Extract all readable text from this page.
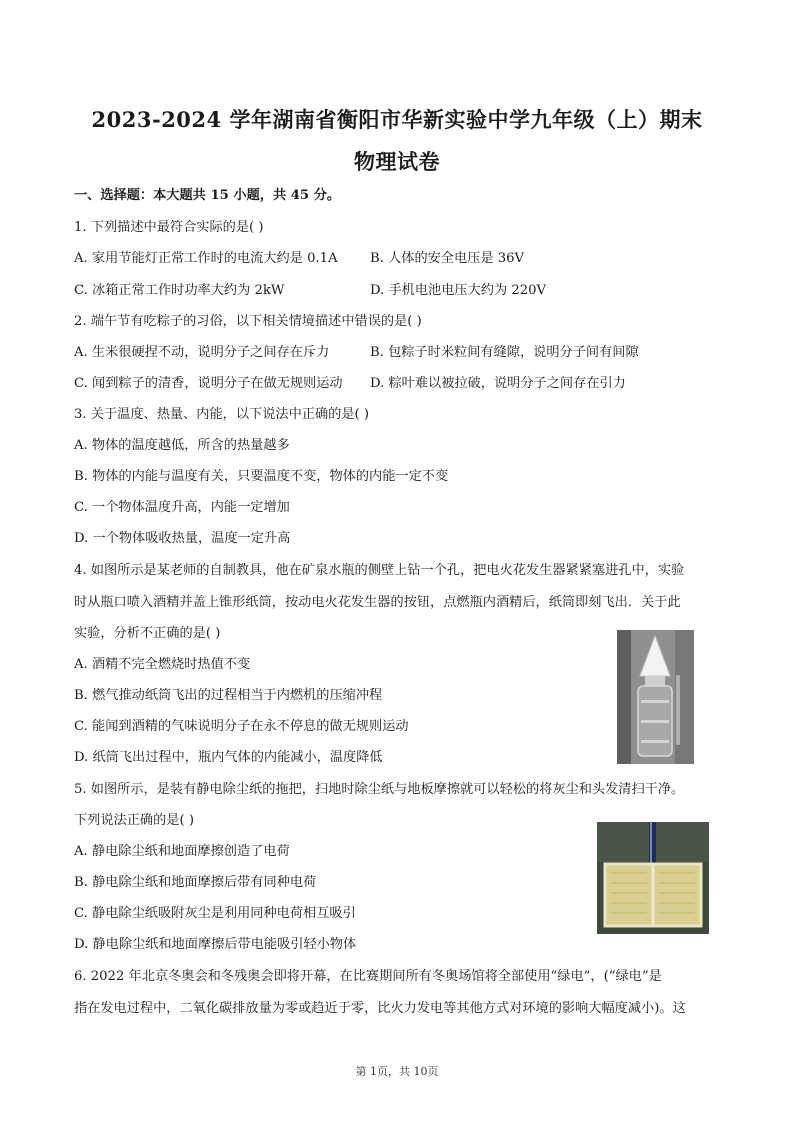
2023-2024 学年湖南省衡阳市华新实验中学九年级（上）期末
物理试卷
一、选择题：本大题共 15 小题，共 45 分。
1. 下列描述中最符合实际的是( )
A. 家用节能灯正常工作时的电流大约是 0.1A B. 人体的安全电压是 36V
C. 冰箱正常工作时功率大约为 2kW	D. 手机电池电压大约为 220V
2. 端午节有吃粽子的习俗，以下相关情境描述中错误的是( )
A. 生米很硬捏不动，说明分子之间存在斥力	B. 包粽子时米粒间有缝隙，说明分子间有间隙
C. 闻到粽子的清香，说明分子在做无规则运动 D. 粽叶难以被拉破，说明分子之间存在引力
3. 关于温度、热量、内能，以下说法中正确的是( )
A. 物体的温度越低，所含的热量越多
B. 物体的内能与温度有关，只要温度不变，物体的内能一定不变
C. 一个物体温度升高，内能一定增加
D. 一个物体吸收热量，温度一定升高
4. 如图所示是某老师的自制教具，他在矿泉水瓶的侧壁上钻一个孔，把电火花发生器紧紧塞进孔中，实验
时从瓶口喷入酒精并盖上锥形纸筒，按动电火花发生器的按钮，点燃瓶内酒精后，纸筒即刻飞出．关于此
实验，分析不正确的是( )
A. 酒精不完全燃烧时热值不变
B. 燃气推动纸筒飞出的过程相当于内燃机的压缩冲程
C. 能闻到酒精的气味说明分子在永不停息的做无规则运动
D. 纸筒飞出过程中，瓶内气体的内能减小，温度降低
5. 如图所示，是装有静电除尘纸的拖把，扫地时除尘纸与地板摩擦就可以轻松的将灰尘和头发清扫干净。
下列说法正确的是( )
A. 静电除尘纸和地面摩擦创造了电荷
B. 静电除尘纸和地面摩擦后带有同种电荷
C. 静电除尘纸吸附灰尘是利用同种电荷相互吸引
D. 静电除尘纸和地面摩擦后带电能吸引轻小物体
6. 2022 年北京冬奥会和冬残奥会即将开幕，在比赛期间所有冬奥场馆将全部使用“绿电”，(“绿电”是
指在发电过程中，二氧化碳排放量为零或趋近于零，比火力发电等其他方式对环境的影响大幅度减小)。这
第 1页，共 10页
